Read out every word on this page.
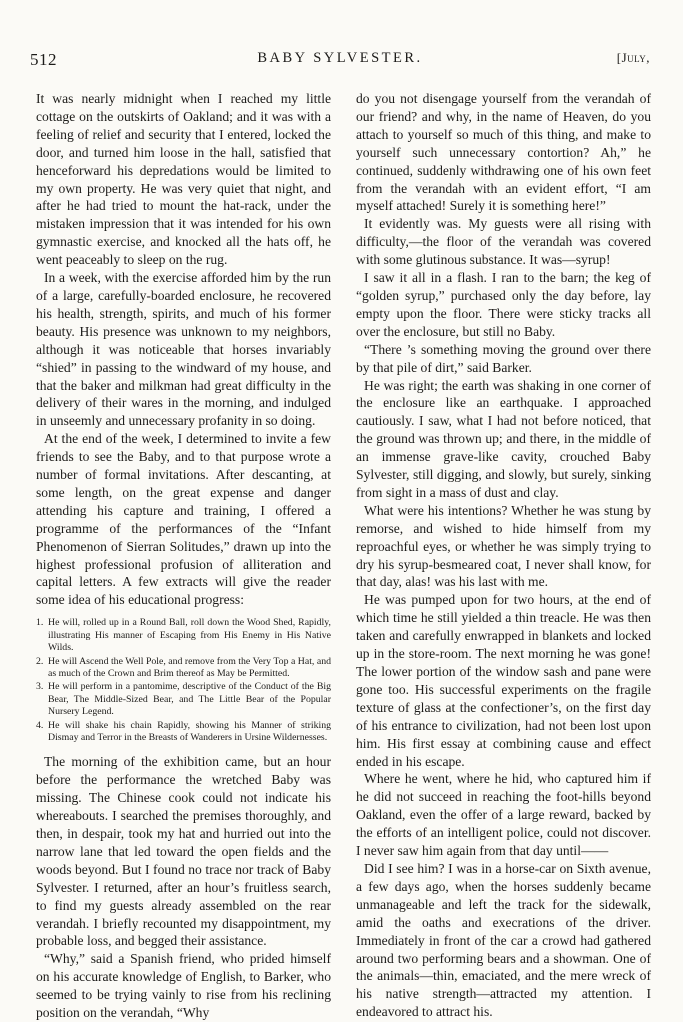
512	BABY SYLVESTER.	[July,

It was nearly midnight when I reached my little cottage on the outskirts of Oakland; and it was with a feeling of relief and security that I entered, locked the door, and turned him loose in the hall, satisfied that henceforward his depredations would be limited to my own property. He was very quiet that night, and after he had tried to mount the hat-rack, under the mistaken impression that it was intended for his own gymnastic exercise, and knocked all the hats off, he went peaceably to sleep on the rug.

In a week, with the exercise afforded him by the run of a large, carefully-boarded enclosure, he recovered his health, strength, spirits, and much of his former beauty. His presence was unknown to my neighbors, although it was noticeable that horses invariably “shied” in passing to the windward of my house, and that the baker and milkman had great difficulty in the delivery of their wares in the morning, and indulged in unseemly and unnecessary profanity in so doing.

At the end of the week, I determined to invite a few friends to see the Baby, and to that purpose wrote a number of formal invitations. After descanting, at some length, on the great expense and danger attending his capture and training, I offered a programme of the performances of the “Infant Phenomenon of Sierran Solitudes,” drawn up into the highest professional profusion of alliteration and capital letters. A few extracts will give the reader some idea of his educational progress:

1. He will, rolled up in a Round Ball, roll down the Wood Shed, Rapidly, illustrating His manner of Escaping from His Enemy in His Native Wilds.
2. He will Ascend the Well Pole, and remove from the Very Top a Hat, and as much of the Crown and Brim thereof as May be Permitted.
3. He will perform in a pantomime, descriptive of the Conduct of the Big Bear, The Middle-Sized Bear, and The Little Bear of the Popular Nursery Legend.
4. He will shake his chain Rapidly, showing his Manner of striking Dismay and Terror in the Breasts of Wanderers in Ursine Wildernesses.

The morning of the exhibition came, but an hour before the performance the wretched Baby was missing. The Chinese cook could not indicate his whereabouts. I searched the premises thoroughly, and then, in despair, took my hat and hurried out into the narrow lane that led toward the open fields and the woods beyond. But I found no trace nor track of Baby Sylvester. I returned, after an hour’s fruitless search, to find my guests already assembled on the rear verandah. I briefly recounted my disappointment, my probable loss, and begged their assistance.

“Why,” said a Spanish friend, who prided himself on his accurate knowledge of English, to Barker, who seemed to be trying vainly to rise from his reclining position on the verandah, “Why

do you not disengage yourself from the verandah of our friend? and why, in the name of Heaven, do you attach to yourself so much of this thing, and make to yourself such unnecessary contortion? Ah,” he continued, suddenly withdrawing one of his own feet from the verandah with an evident effort, “I am myself attached! Surely it is something here!”

It evidently was. My guests were all rising with difficulty,—the floor of the verandah was covered with some glutinous substance. It was—syrup!

I saw it all in a flash. I ran to the barn; the keg of “golden syrup,” purchased only the day before, lay empty upon the floor. There were sticky tracks all over the enclosure, but still no Baby.

“There ’s something moving the ground over there by that pile of dirt,” said Barker.

He was right; the earth was shaking in one corner of the enclosure like an earthquake. I approached cautiously. I saw, what I had not before noticed, that the ground was thrown up; and there, in the middle of an immense grave-like cavity, crouched Baby Sylvester, still digging, and slowly, but surely, sinking from sight in a mass of dust and clay.

What were his intentions? Whether he was stung by remorse, and wished to hide himself from my reproachful eyes, or whether he was simply trying to dry his syrup-besmeared coat, I never shall know, for that day, alas! was his last with me.

He was pumped upon for two hours, at the end of which time he still yielded a thin treacle. He was then taken and carefully enwrapped in blankets and locked up in the store-room. The next morning he was gone! The lower portion of the window sash and pane were gone too. His successful experiments on the fragile texture of glass at the confectioner’s, on the first day of his entrance to civilization, had not been lost upon him. His first essay at combining cause and effect ended in his escape.

Where he went, where he hid, who captured him if he did not succeed in reaching the foot-hills beyond Oakland, even the offer of a large reward, backed by the efforts of an intelligent police, could not discover. I never saw him again from that day until——

Did I see him? I was in a horse-car on Sixth avenue, a few days ago, when the horses suddenly became unmanageable and left the track for the sidewalk, amid the oaths and execrations of the driver. Immediately in front of the car a crowd had gathered around two performing bears and a showman. One of the animals—thin, emaciated, and the mere wreck of his native strength—attracted my attention. I endeavored to attract his.
